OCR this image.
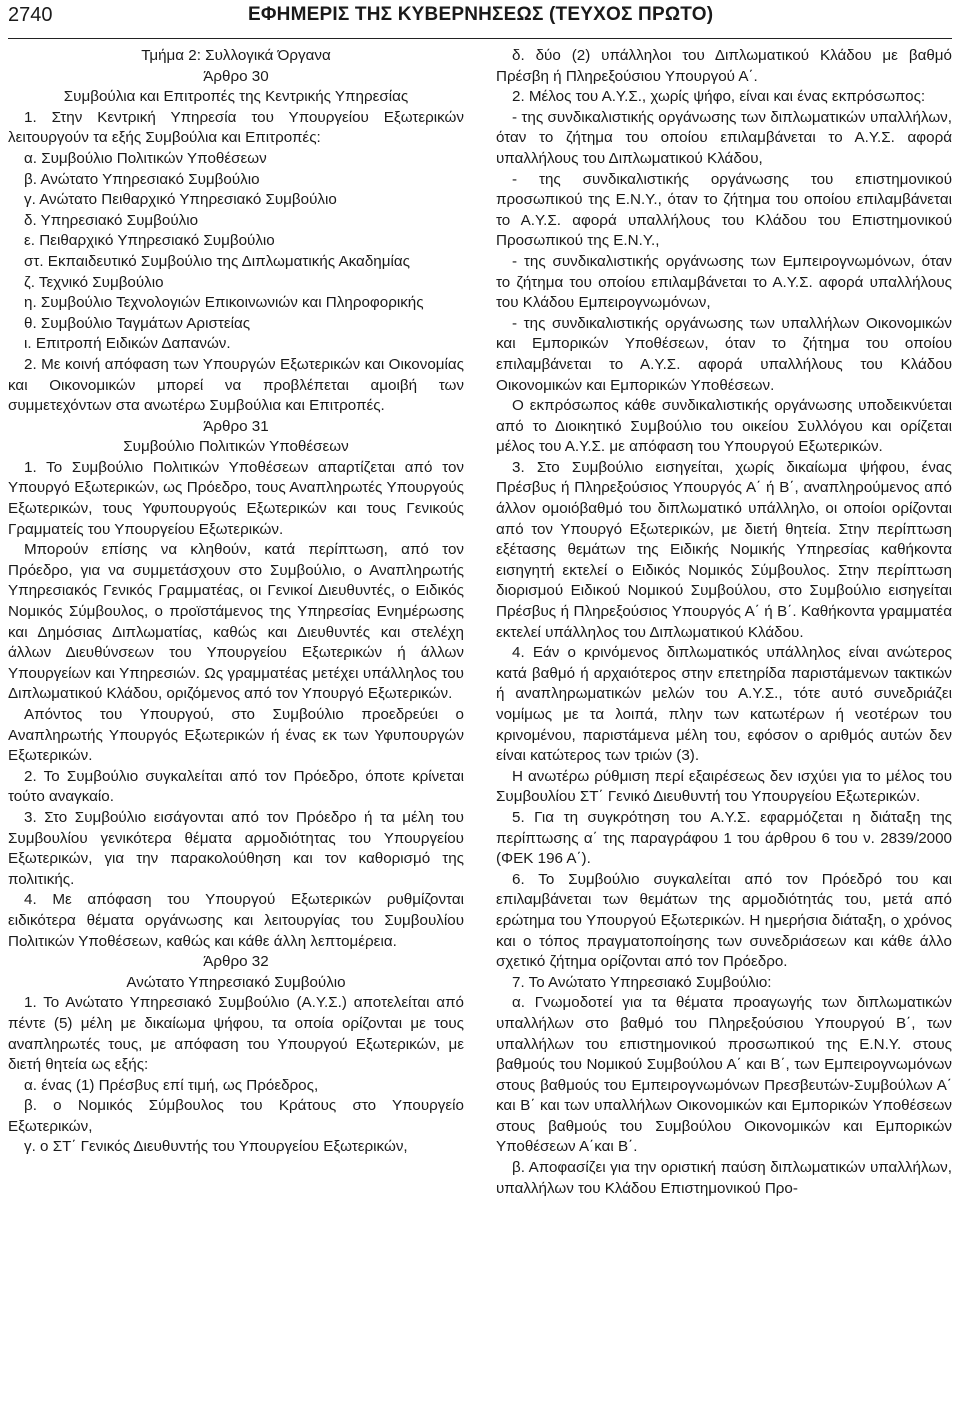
2740	ΕΦΗΜΕΡΙΣ ΤΗΣ ΚΥΒΕΡΝΗΣΕΩΣ (ΤΕΥΧΟΣ ΠΡΩΤΟ)

Τμήμα 2: Συλλογικά Όργανα

Άρθρο 30

Συμβούλια και Επιτροπές της Κεντρικής Υπηρεσίας

1. Στην Κεντρική Υπηρεσία του Υπουργείου Εξωτερικών λειτουργούν τα εξής Συμβούλια και Επιτροπές:

α. Συμβούλιο Πολιτικών Υποθέσεων

β. Ανώτατο Υπηρεσιακό Συμβούλιο

γ. Ανώτατο Πειθαρχικό Υπηρεσιακό Συμβούλιο

δ. Υπηρεσιακό Συμβούλιο

ε. Πειθαρχικό Υπηρεσιακό Συμβούλιο

στ. Εκπαιδευτικό Συμβούλιο της Διπλωματικής Ακαδημίας

ζ. Τεχνικό Συμβούλιο

η. Συμβούλιο Τεχνολογιών Επικοινωνιών και Πληροφορικής

θ. Συμβούλιο Ταγμάτων Αριστείας

ι. Επιτροπή Ειδικών Δαπανών.

2. Με κοινή απόφαση των Υπουργών Εξωτερικών και Οικονομίας και Οικονομικών μπορεί να προβλέπεται αμοιβή των συμμετεχόντων στα ανωτέρω Συμβούλια και Επιτροπές.

Άρθρο 31

Συμβούλιο Πολιτικών Υποθέσεων

1. Το Συμβούλιο Πολιτικών Υποθέσεων απαρτίζεται από τον Υπουργό Εξωτερικών, ως Πρόεδρο, τους Αναπληρωτές Υπουργούς Εξωτερικών, τους Υφυπουργούς Εξωτερικών και τους Γενικούς Γραμματείς του Υπουργείου Εξωτερικών.

Μπορούν επίσης να κληθούν, κατά περίπτωση, από τον Πρόεδρο, για να συμμετάσχουν στο Συμβούλιο, ο Αναπληρωτής Υπηρεσιακός Γενικός Γραμματέας, οι Γενικοί Διευθυντές, ο Ειδικός Νομικός Σύμβουλος, ο προϊστάμενος της Υπηρεσίας Ενημέρωσης και Δημόσιας Διπλωματίας, καθώς και Διευθυντές και στελέχη άλλων Διευθύνσεων του Υπουργείου Εξωτερικών ή άλλων Υπουργείων και Υπηρεσιών. Ως γραμματέας μετέχει υπάλληλος του Διπλωματικού Κλάδου, οριζόμενος από τον Υπουργό Εξωτερικών.

Απόντος του Υπουργού, στο Συμβούλιο προεδρεύει ο Αναπληρωτής Υπουργός Εξωτερικών ή ένας εκ των Υφυπουργών Εξωτερικών.

2. Το Συμβούλιο συγκαλείται από τον Πρόεδρο, όποτε κρίνεται τούτο αναγκαίο.

3. Στο Συμβούλιο εισάγονται από τον Πρόεδρο ή τα μέλη του Συμβουλίου γενικότερα θέματα αρμοδιότητας του Υπουργείου Εξωτερικών, για την παρακολούθηση και τον καθορισμό της πολιτικής.

4. Με απόφαση του Υπουργού Εξωτερικών ρυθμίζονται ειδικότερα θέματα οργάνωσης και λειτουργίας του Συμβουλίου Πολιτικών Υποθέσεων, καθώς και κάθε άλλη λεπτομέρεια.

Άρθρο 32

Ανώτατο Υπηρεσιακό Συμβούλιο

1. Το Ανώτατο Υπηρεσιακό Συμβούλιο (Α.Υ.Σ.) αποτελείται από πέντε (5) μέλη με δικαίωμα ψήφου, τα οποία ορίζονται με τους αναπληρωτές τους, με απόφαση του Υπουργού Εξωτερικών, με διετή θητεία ως εξής:

α. ένας (1) Πρέσβυς επί τιμή, ως Πρόεδρος,

β. ο Νομικός Σύμβουλος του Κράτους στο Υπουργείο Εξωτερικών,

γ. ο ΣΤ΄ Γενικός Διευθυντής του Υπουργείου Εξωτερικών,

δ. δύο (2) υπάλληλοι του Διπλωματικού Κλάδου με βαθμό Πρέσβη ή Πληρεξούσιου Υπουργού Α΄.

2. Μέλος του Α.Υ.Σ., χωρίς ψήφο, είναι και ένας εκπρόσωπος:

- της συνδικαλιστικής οργάνωσης των διπλωματικών υπαλλήλων, όταν το ζήτημα του οποίου επιλαμβάνεται το Α.Υ.Σ. αφορά υπαλλήλους του Διπλωματικού Κλάδου,

- της συνδικαλιστικής οργάνωσης του επιστημονικού προσωπικού της Ε.Ν.Υ., όταν το ζήτημα του οποίου επιλαμβάνεται το Α.Υ.Σ. αφορά υπαλλήλους του Κλάδου του Επιστημονικού Προσωπικού της Ε.Ν.Υ.,

- της συνδικαλιστικής οργάνωσης των Εμπειρογνωμόνων, όταν το ζήτημα του οποίου επιλαμβάνεται το Α.Υ.Σ. αφορά υπαλλήλους του Κλάδου Εμπειρογνωμόνων,

- της συνδικαλιστικής οργάνωσης των υπαλλήλων Οικονομικών και Εμπορικών Υποθέσεων, όταν το ζήτημα του οποίου επιλαμβάνεται το Α.Υ.Σ. αφορά υπαλλήλους του Κλάδου Οικονομικών και Εμπορικών Υποθέσεων.

Ο εκπρόσωπος κάθε συνδικαλιστικής οργάνωσης υποδεικνύεται από το Διοικητικό Συμβούλιο του οικείου Συλλόγου και ορίζεται μέλος του Α.Υ.Σ. με απόφαση του Υπουργού Εξωτερικών.

3. Στο Συμβούλιο εισηγείται, χωρίς δικαίωμα ψήφου, ένας Πρέσβυς ή Πληρεξούσιος Υπουργός Α΄ ή Β΄, αναπληρούμενος από άλλον ομοιόβαθμό του διπλωματικό υπάλληλο, οι οποίοι ορίζονται από τον Υπουργό Εξωτερικών, με διετή θητεία. Στην περίπτωση εξέτασης θεμάτων της Ειδικής Νομικής Υπηρεσίας καθήκοντα εισηγητή εκτελεί ο Ειδικός Νομικός Σύμβουλος. Στην περίπτωση διορισμού Ειδικού Νομικού Συμβούλου, στο Συμβούλιο εισηγείται Πρέσβυς ή Πληρεξούσιος Υπουργός Α΄ ή Β΄. Καθήκοντα γραμματέα εκτελεί υπάλληλος του Διπλωματικού Κλάδου.

4. Εάν ο κρινόμενος διπλωματικός υπάλληλος είναι ανώτερος κατά βαθμό ή αρχαιότερος στην επετηρίδα παριστάμενων τακτικών ή αναπληρωματικών μελών του Α.Υ.Σ., τότε αυτό συνεδριάζει νομίμως με τα λοιπά, πλην των κατωτέρων ή νεοτέρων του κρινομένου, παριστάμενα μέλη του, εφόσον ο αριθμός αυτών δεν είναι κατώτερος των τριών (3).

Η ανωτέρω ρύθμιση περί εξαιρέσεως δεν ισχύει για το μέλος του Συμβουλίου ΣΤ΄ Γενικό Διευθυντή του Υπουργείου Εξωτερικών.

5. Για τη συγκρότηση του Α.Υ.Σ. εφαρμόζεται η διάταξη της περίπτωσης α΄ της παραγράφου 1 του άρθρου 6 του ν. 2839/2000 (ΦΕΚ 196 Α΄).

6. Το Συμβούλιο συγκαλείται από τον Πρόεδρό του και επιλαμβάνεται των θεμάτων της αρμοδιότητάς του, μετά από ερώτημα του Υπουργού Εξωτερικών. Η ημερήσια διάταξη, ο χρόνος και ο τόπος πραγματοποίησης των συνεδριάσεων και κάθε άλλο σχετικό ζήτημα ορίζονται από τον Πρόεδρο.

7. Το Ανώτατο Υπηρεσιακό Συμβούλιο:

α. Γνωμοδοτεί για τα θέματα προαγωγής των διπλωματικών υπαλλήλων στο βαθμό του Πληρεξούσιου Υπουργού Β΄, των υπαλλήλων του επιστημονικού προσωπικού της Ε.Ν.Υ. στους βαθμούς του Νομικού Συμβούλου Α΄ και Β΄, των Εμπειρογνωμόνων στους βαθμούς του Εμπειρογνωμόνων Πρεσβευτών-Συμβούλων Α΄ και Β΄ και των υπαλλήλων Οικονομικών και Εμπορικών Υποθέσεων στους βαθμούς του Συμβούλου Οικονομικών και Εμπορικών Υποθέσεων Α΄και Β΄.

β. Αποφασίζει για την οριστική παύση διπλωματικών υπαλλήλων, υπαλλήλων του Κλάδου Επιστημονικού Προ-
